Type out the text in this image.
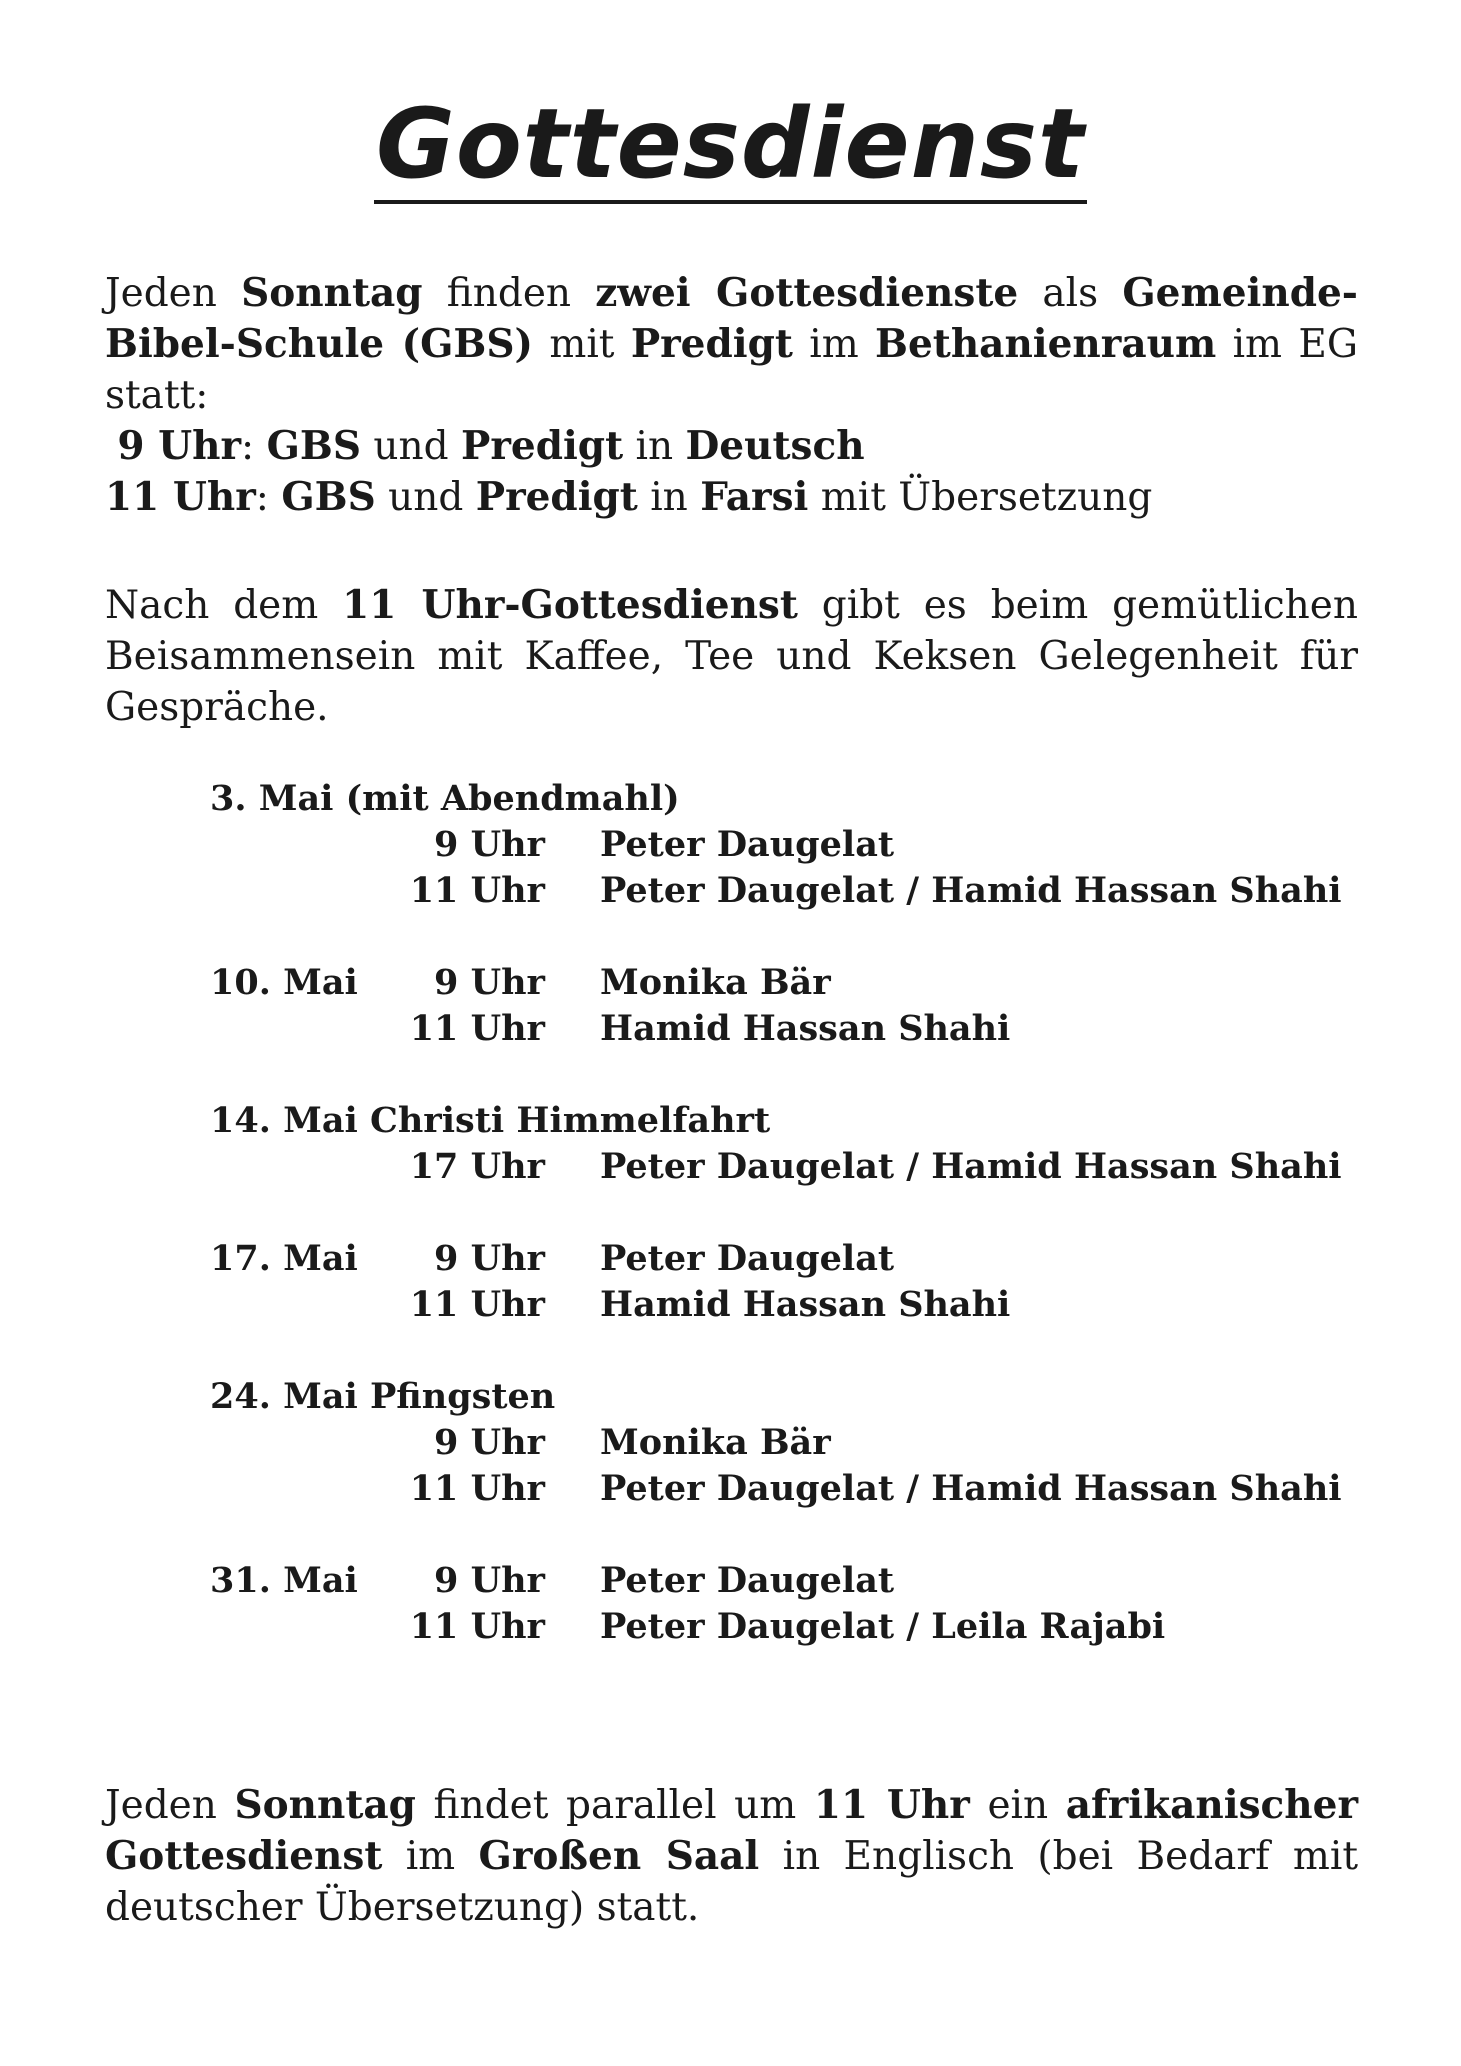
Gottesdienst
Jeden Sonntag finden zwei Gottesdienste als Gemeinde-Bibel-Schule (GBS) mit Predigt im Bethanienraum im EG statt:
9 Uhr: GBS und Predigt in Deutsch
11 Uhr: GBS und Predigt in Farsi mit Übersetzung
Nach dem 11 Uhr-Gottesdienst gibt es beim gemütlichen Beisammensein mit Kaffee, Tee und Keksen Gelegenheit für Gespräche.
3. Mai (mit Abendmahl)
9 Uhr Peter Daugelat
11 Uhr Peter Daugelat / Hamid Hassan Shahi
10. Mai	9 Uhr Monika Bär
11 Uhr Hamid Hassan Shahi
14. Mai Christi Himmelfahrt
17 Uhr Peter Daugelat / Hamid Hassan Shahi
17. Mai	9 Uhr Peter Daugelat
11 Uhr Hamid Hassan Shahi
24. Mai Pfingsten
9 Uhr Monika Bär
11 Uhr Peter Daugelat / Hamid Hassan Shahi
31. Mai	9 Uhr Peter Daugelat
11 Uhr Peter Daugelat / Leila Rajabi
Jeden Sonntag findet parallel um 11 Uhr ein afrikanischer Gottesdienst im Großen Saal in Englisch (bei Bedarf mit deutscher Übersetzung) statt.
